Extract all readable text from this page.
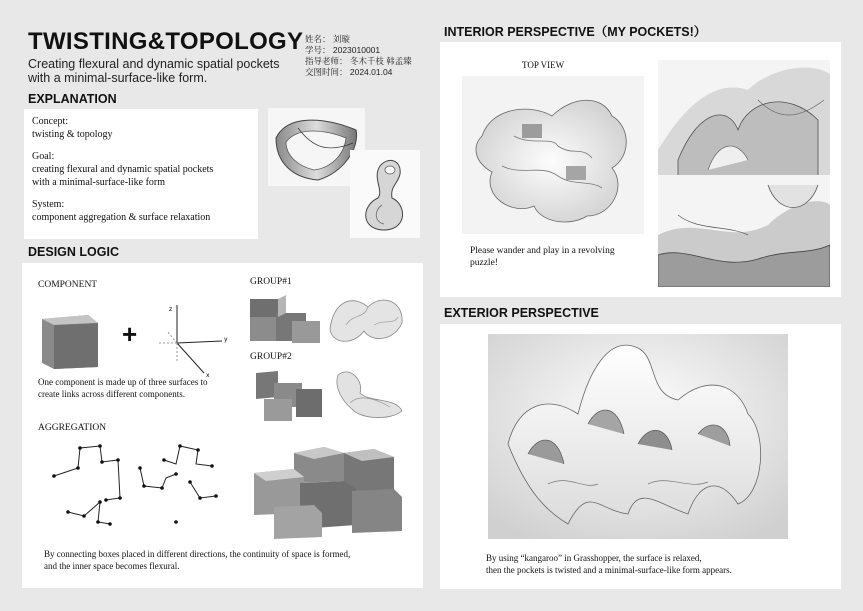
TWISTING&TOPOLOGY
Creating flexural and dynamic spatial pockets with a minimal-surface-like form.
姓名： 刘璇
学号： 2023010001
指导老师： 冬木千枝 韩孟臻
交图时间： 2024.01.04
EXPLANATION
Concept:
twisting & topology
Goal:
creating flexural and dynamic spatial pockets
with a minimal-surface-like form
System:
component aggregation & surface relaxation
DESIGN LOGIC
COMPONENT	GROUP#1
GROUP#2
+
z
y
x
One component is made up of three surfaces to
create links across different components.
AGGREGATION
By connecting boxes placed in different directions, the continuity of space is formed,
and the inner space becomes flexural.
INTERIOR PERSPECTIVE（MY POCKETS!）
TOP VIEW
Please wander and play in a revolving
puzzle!
EXTERIOR PERSPECTIVE
By using “kangaroo” in Grasshopper, the surface is relaxed,
then the pockets is twisted and a minimal-surface-like form appears.
